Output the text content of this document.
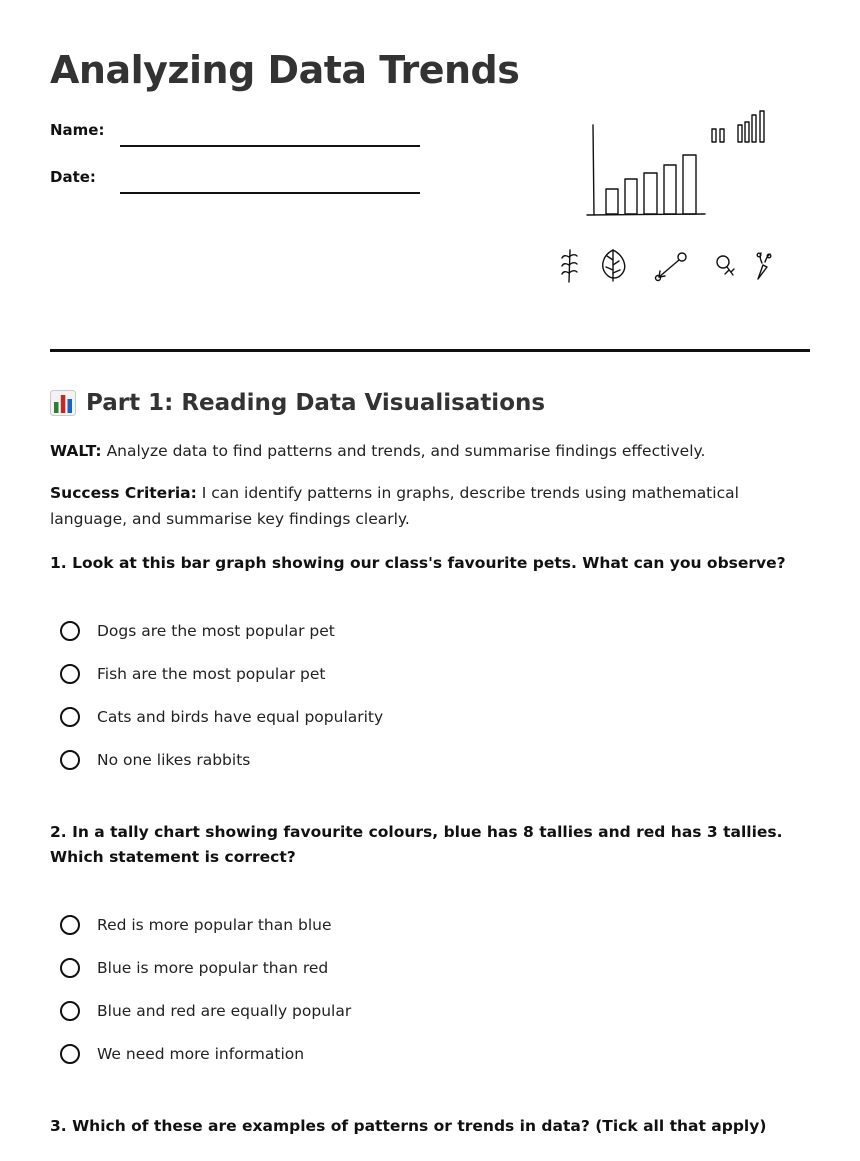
Analyzing Data Trends
Name:
Date:
Part 1: Reading Data Visualisations

WALT: Analyze data to find patterns and trends, and summarise findings effectively.

Success Criteria: I can identify patterns in graphs, describe trends using mathematical language, and summarise key findings clearly.

1. Look at this bar graph showing our class's favourite pets. What can you observe?

Dogs are the most popular pet
Fish are the most popular pet
Cats and birds have equal popularity
No one likes rabbits

2. In a tally chart showing favourite colours, blue has 8 tallies and red has 3 tallies. Which statement is correct?

Red is more popular than blue
Blue is more popular than red
Blue and red are equally popular
We need more information

3. Which of these are examples of patterns or trends in data? (Tick all that apply)
